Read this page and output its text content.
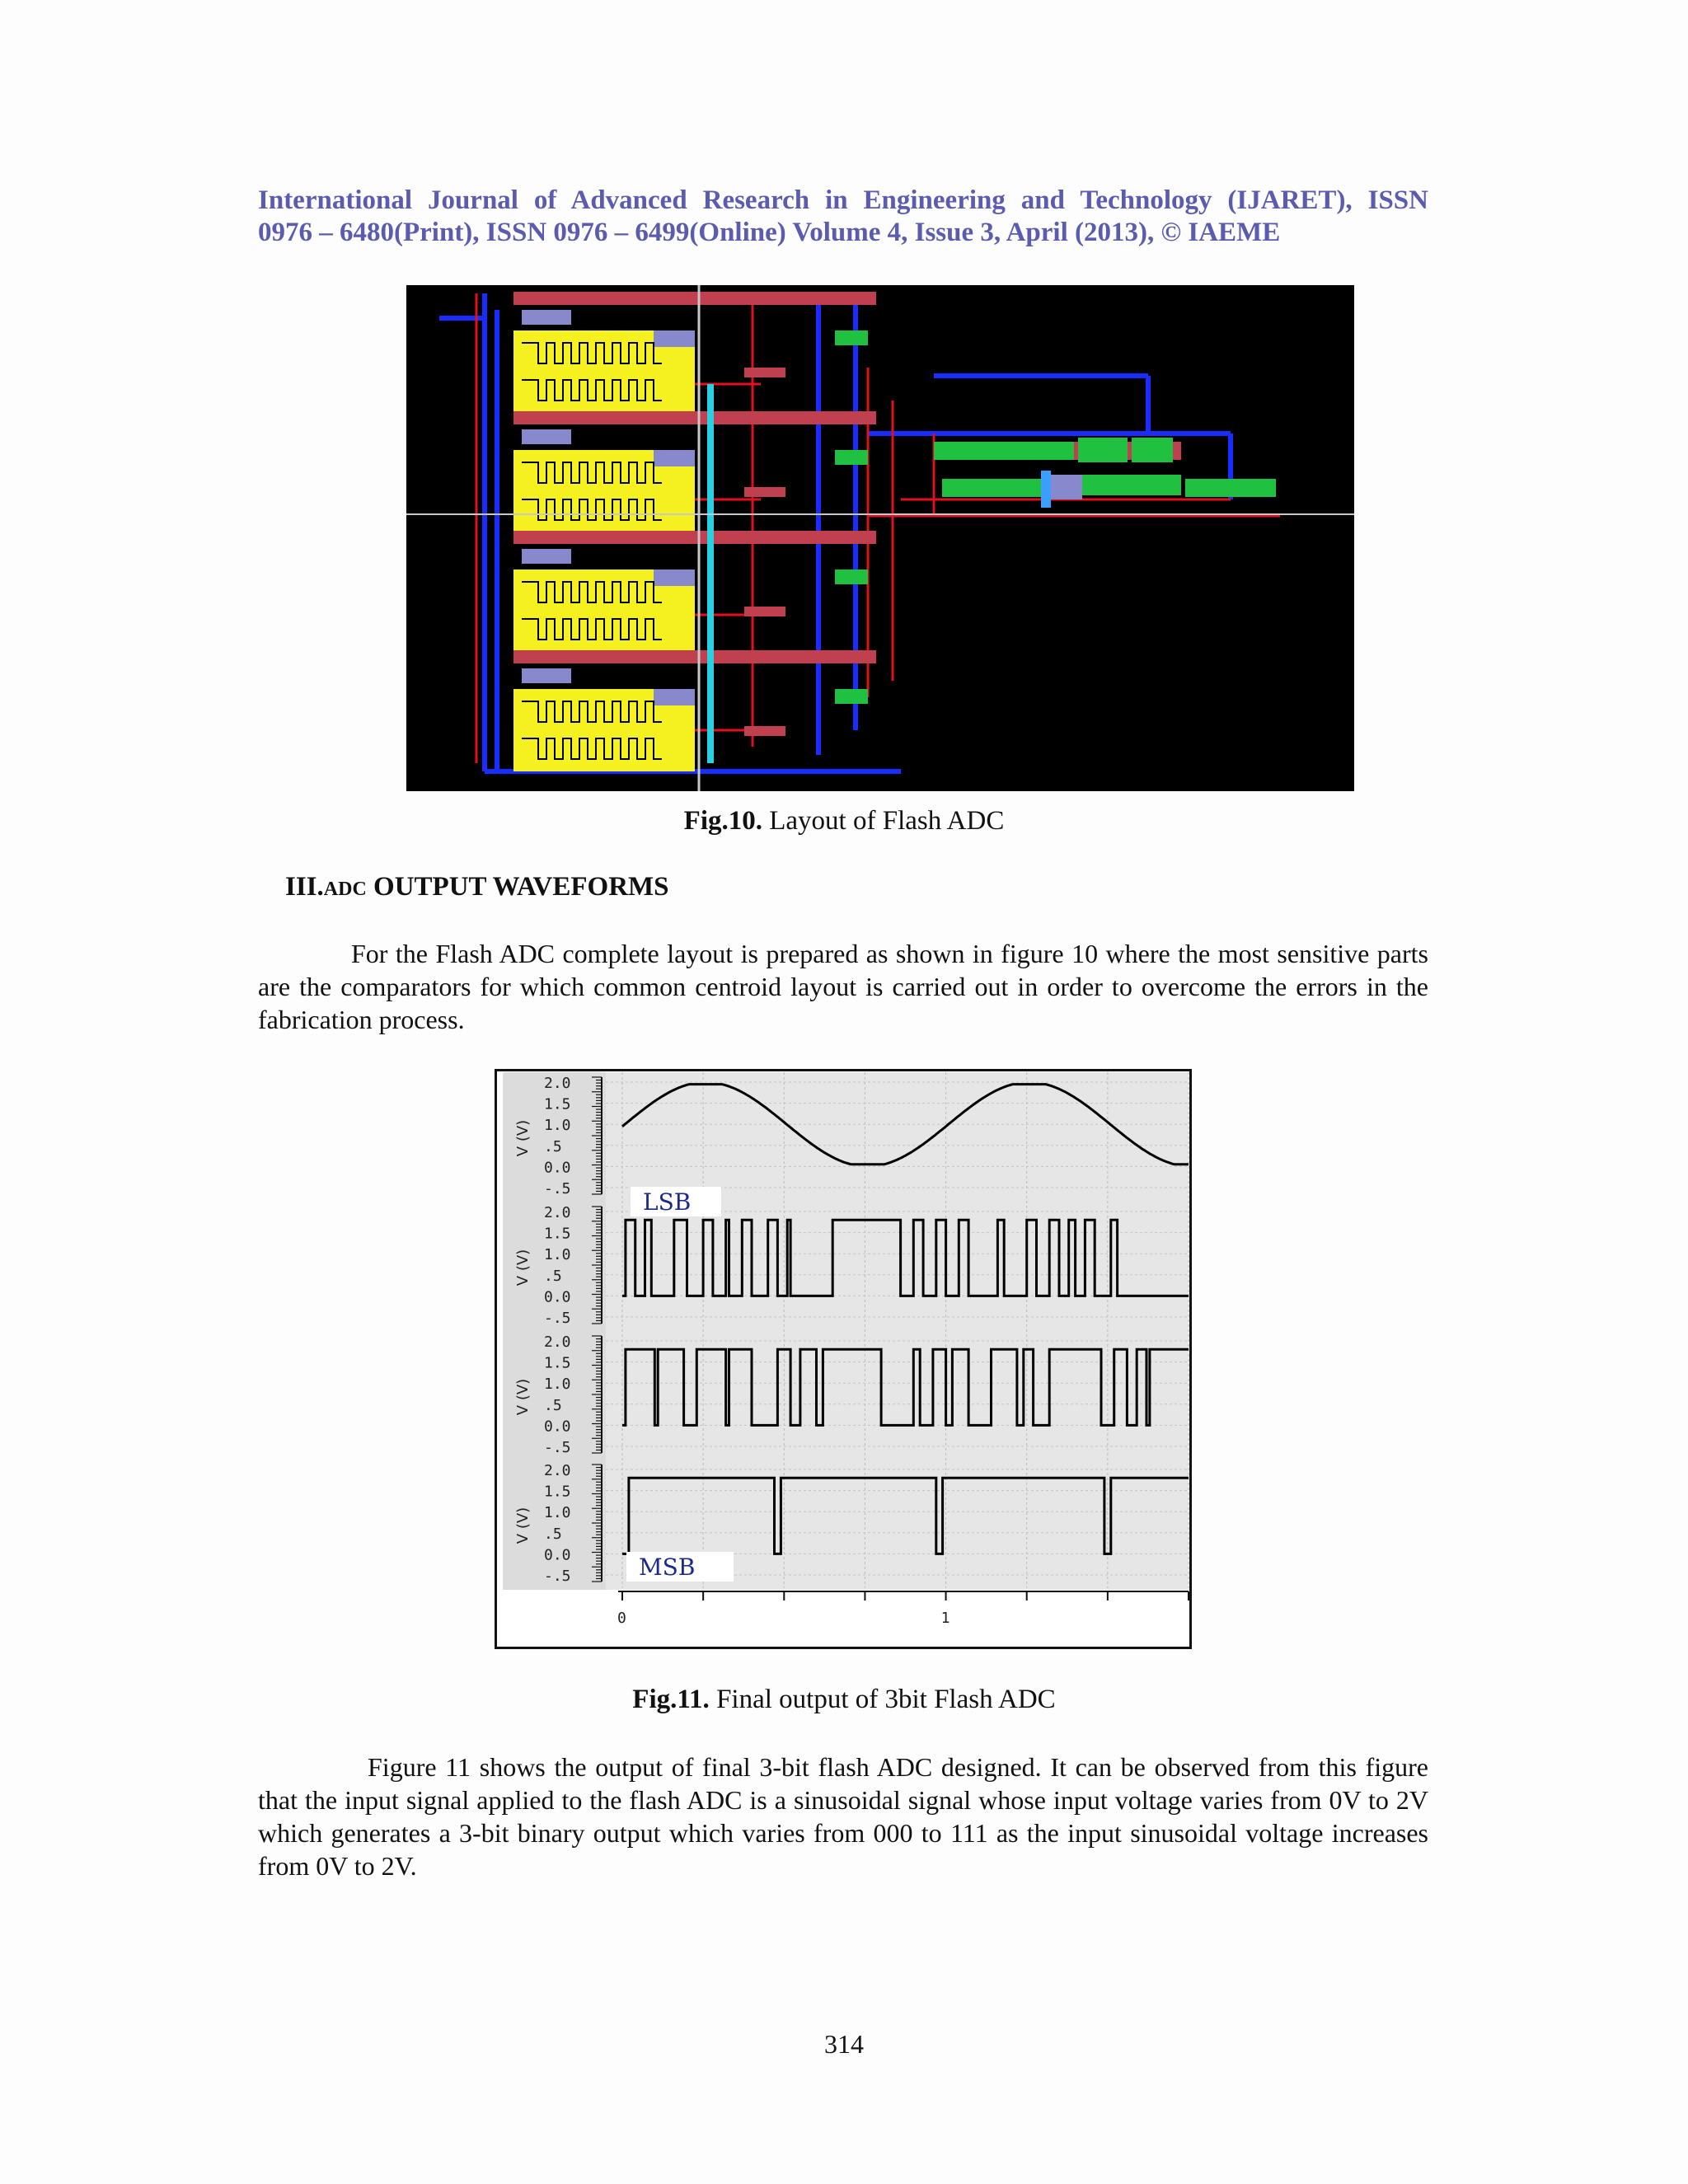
International Journal of Advanced Research in Engineering and Technology (IJARET), ISSN
0976 – 6480(Print), ISSN 0976 – 6499(Online) Volume 4, Issue 3, April (2013), © IAEME
Fig.10. Layout of Flash ADC
III.ADC OUTPUT WAVEFORMS
For the Flash ADC complete layout is prepared as shown in figure 10 where the most sensitive parts are the comparators for which common centroid layout is carried out in order to overcome the errors in the fabrication process.
2.0
1.5
1.0
.5
0.0
-.5
V (V)
2.0
1.5
1.0
.5
0.0
-.5
V (V)
LSB
2.0
1.5
1.0
.5
0.0
-.5
V (V)
2.0
1.5
1.0
.5
0.0
-.5
V (V)
MSB
0	1
Fig.11. Final output of 3bit Flash ADC
Figure 11 shows the output of final 3-bit flash ADC designed. It can be observed from this figure that the input signal applied to the flash ADC is a sinusoidal signal whose input voltage varies from 0V to 2V which generates a 3-bit binary output which varies from 000 to 111 as the input sinusoidal voltage increases from 0V to 2V.
314
